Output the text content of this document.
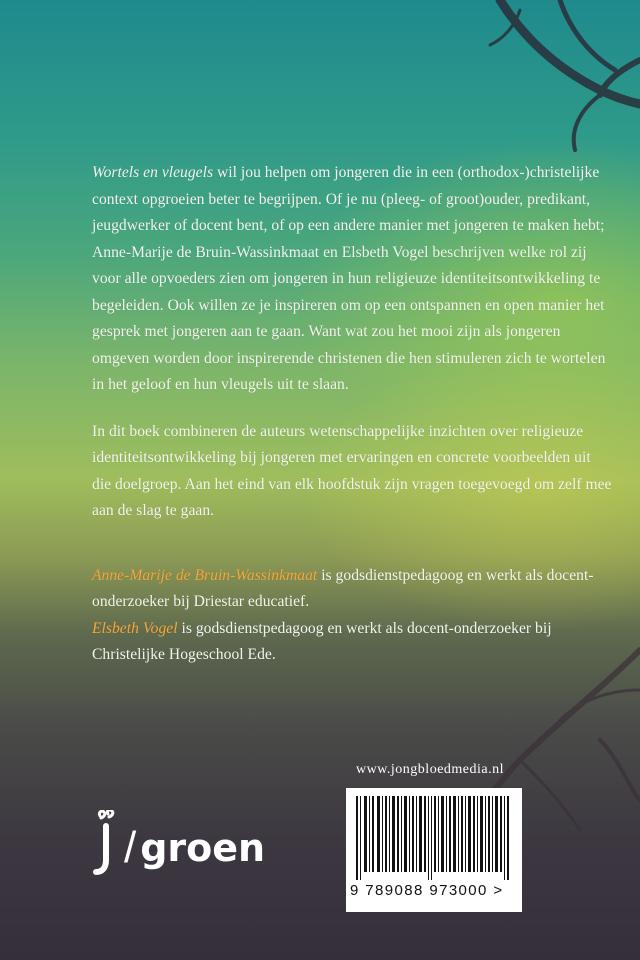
Wortels en vleugels wil jou helpen om jongeren die in een (orthodox-)christelijke context opgroeien beter te begrijpen. Of je nu (pleeg- of groot)ouder, predikant, jeugdwerker of docent bent, of op een andere manier met jongeren te maken hebt; Anne-Marije de Bruin-Wassinkmaat en Elsbeth Vogel beschrijven welke rol zij voor alle opvoeders zien om jongeren in hun religieuze identiteitsontwikkeling te begeleiden. Ook willen ze je inspireren om op een ontspannen en open manier het gesprek met jongeren aan te gaan. Want wat zou het mooi zijn als jongeren omgeven worden door inspirerende christenen die hen stimuleren zich te wortelen in het geloof en hun vleugels uit te slaan.

In dit boek combineren de auteurs wetenschappelijke inzichten over religieuze identiteitsontwikkeling bij jongeren met ervaringen en concrete voorbeelden uit die doelgroep. Aan het eind van elk hoofdstuk zijn vragen toegevoegd om zelf mee aan de slag te gaan.

Anne-Marije de Bruin-Wassinkmaat is godsdienstpedagoog en werkt als docent-onderzoeker bij Driestar educatief.
Elsbeth Vogel is godsdienstpedagoog en werkt als docent-onderzoeker bij Christelijke Hogeschool Ede.

/ groen
www.jongbloedmedia.nl
9 789088 973000 >
